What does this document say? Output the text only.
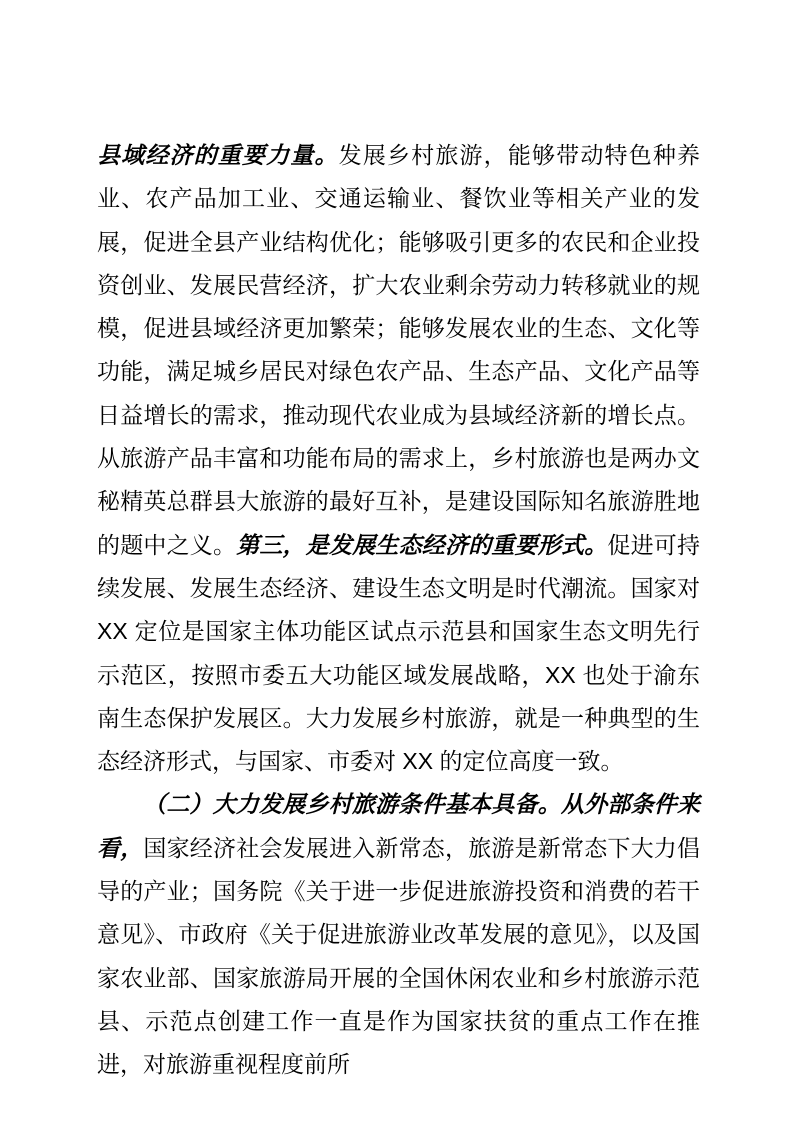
县域经济的重要力量。发展乡村旅游，能够带动特色种养业、农产品加工业、交通运输业、餐饮业等相关产业的发展，促进全县产业结构优化；能够吸引更多的农民和企业投资创业、发展民营经济，扩大农业剩余劳动力转移就业的规模，促进县域经济更加繁荣；能够发展农业的生态、文化等功能，满足城乡居民对绿色农产品、生态产品、文化产品等日益增长的需求，推动现代农业成为县域经济新的增长点。从旅游产品丰富和功能布局的需求上，乡村旅游也是两办文秘精英总群县大旅游的最好互补，是建设国际知名旅游胜地的题中之义。第三，是发展生态经济的重要形式。促进可持续发展、发展生态经济、建设生态文明是时代潮流。国家对 XX 定位是国家主体功能区试点示范县和国家生态文明先行示范区，按照市委五大功能区域发展战略，XX 也处于渝东南生态保护发展区。大力发展乡村旅游，就是一种典型的生态经济形式，与国家、市委对 XX 的定位高度一致。

（二）大力发展乡村旅游条件基本具备。从外部条件来看，国家经济社会发展进入新常态，旅游是新常态下大力倡导的产业；国务院《关于进一步促进旅游投资和消费的若干意见》、市政府《关于促进旅游业改革发展的意见》，以及国家农业部、国家旅游局开展的全国休闲农业和乡村旅游示范县、示范点创建工作一直是作为国家扶贫的重点工作在推进，对旅游重视程度前所
